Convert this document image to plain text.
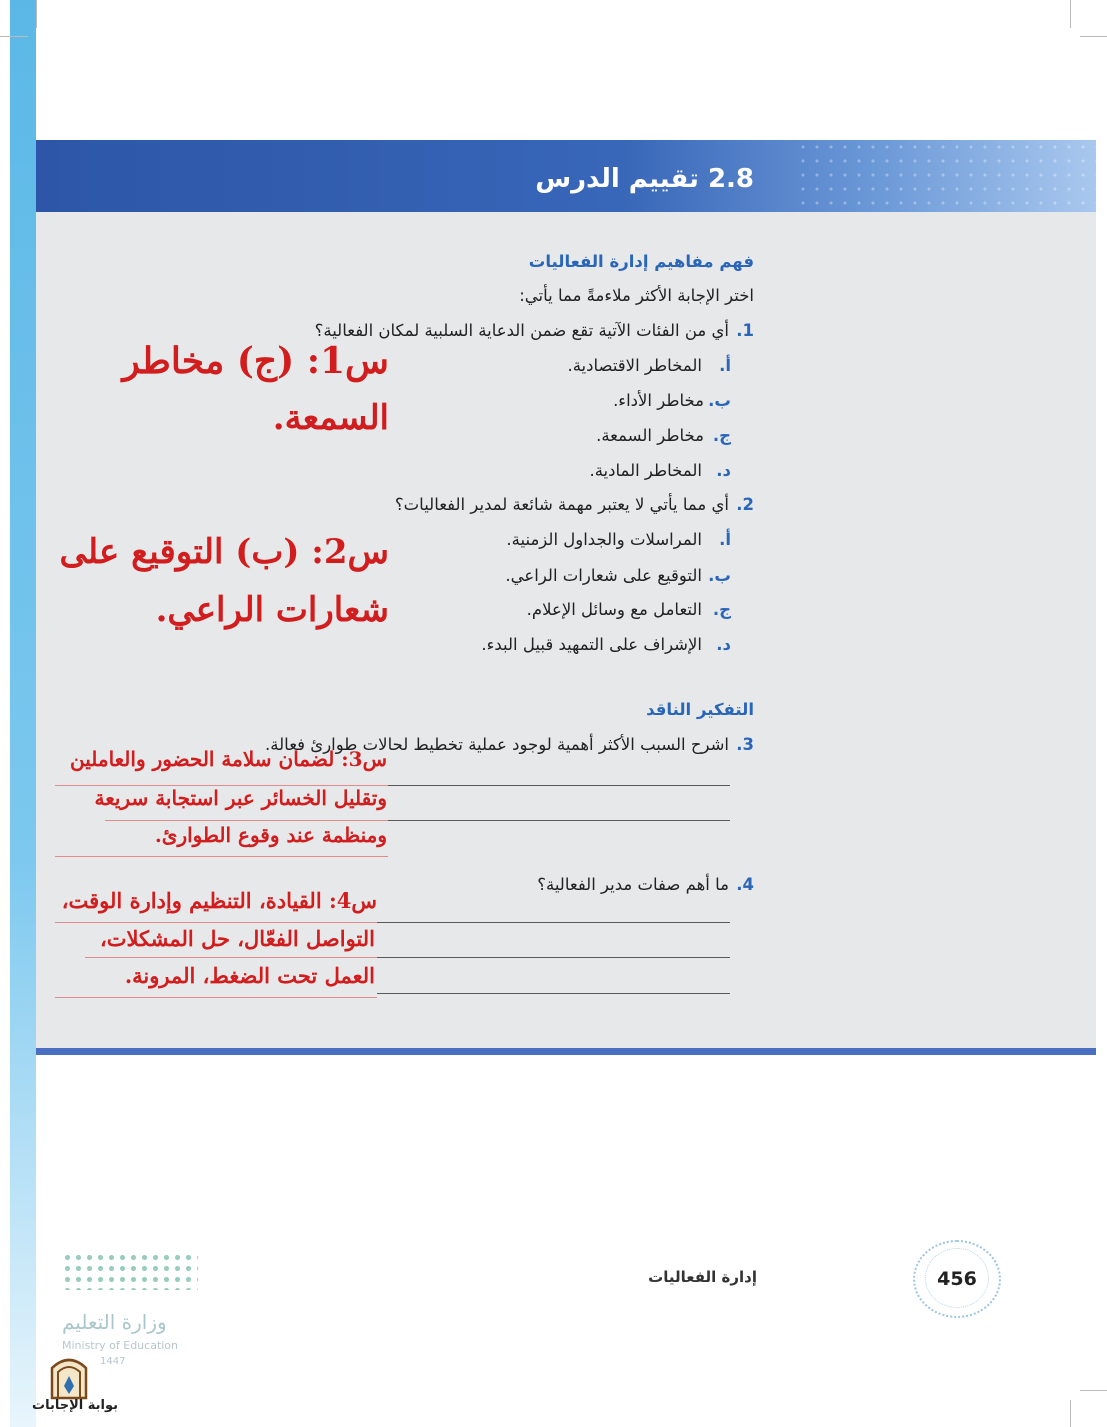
2.8 تقييم الدرس
فهم مفاهيم إدارة الفعاليات
اختر الإجابة الأكثر ملاءمةً مما يأتي:
1.
أي من الفئات الآتية تقع ضمن الدعاية السلبية لمكان الفعالية؟
أ.
المخاطر الاقتصادية.
ب.
مخاطر الأداء.
ج.
مخاطر السمعة.
د.
المخاطر المادية.
س1: (ج) مخاطر
السمعة.
2.
أي مما يأتي لا يعتبر مهمة شائعة لمدير الفعاليات؟
أ.
المراسلات والجداول الزمنية.
ب.
التوقيع على شعارات الراعي.
ج.
التعامل مع وسائل الإعلام.
د.
الإشراف على التمهيد قبيل البدء.
س2: (ب) التوقيع على
شعارات الراعي.
التفكير الناقد
3.
اشرح السبب الأكثر أهمية لوجود عملية تخطيط لحالات طوارئ فعالة.
س3: لضمان سلامة الحضور والعاملين
وتقليل الخسائر عبر استجابة سريعة
ومنظمة عند وقوع الطوارئ.
4.
ما أهم صفات مدير الفعالية؟
س4: القيادة، التنظيم وإدارة الوقت،
التواصل الفعّال، حل المشكلات،
العمل تحت الضغط، المرونة.
إدارة الفعاليات	456
وزارة التعليم
Ministry of Education
1447
بوابة الإجابات
